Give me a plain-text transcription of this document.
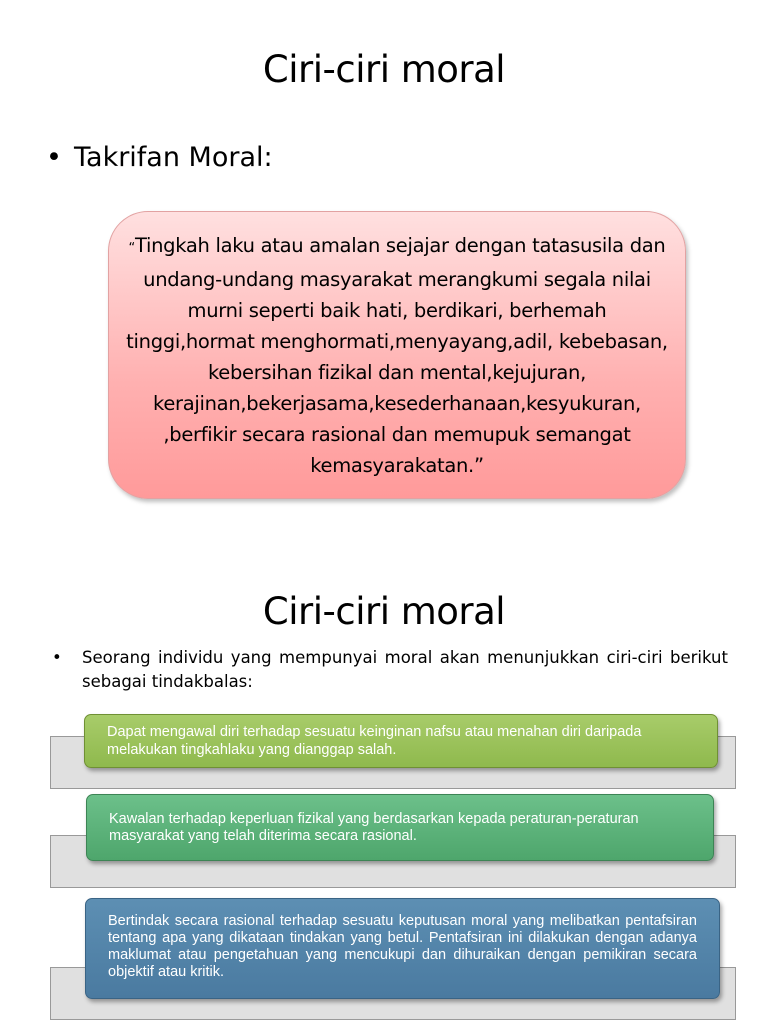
Ciri-ciri moral
• Takrifan Moral:
“Tingkah laku atau amalan sejajar dengan tatasusila dan undang-undang masyarakat merangkumi segala nilai murni seperti baik hati, berdikari, berhemah tinggi,hormat menghormati,menyayang,adil, kebebasan, kebersihan fizikal dan mental,kejujuran, kerajinan,bekerjasama,kesederhanaan,kesyukuran, ,berfikir secara rasional dan memupuk semangat kemasyarakatan.”
Ciri-ciri moral
• Seorang individu yang mempunyai moral akan menunjukkan ciri-ciri berikut sebagai tindakbalas:
Dapat mengawal diri terhadap sesuatu keinginan nafsu atau menahan diri daripada melakukan tingkahlaku yang dianggap salah.
Kawalan terhadap keperluan fizikal yang berdasarkan kepada peraturan-peraturan masyarakat yang telah diterima secara rasional.
Bertindak secara rasional terhadap sesuatu keputusan moral yang melibatkan pentafsiran tentang apa yang dikataan tindakan yang betul. Pentafsiran ini dilakukan dengan adanya maklumat atau pengetahuan yang mencukupi dan dihuraikan dengan pemikiran secara objektif atau kritik.
